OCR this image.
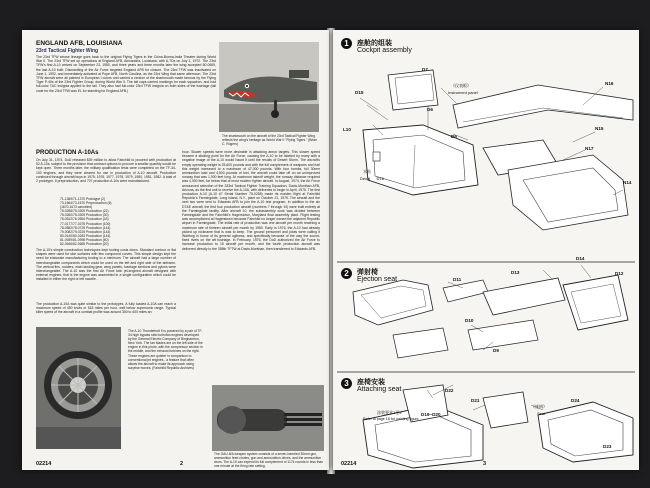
ENGLAND AFB, LOUISIANA
23rd Tactical Fighter Wing
The 23rd TFW whose lineage goes back to the original Flying Tigers in the China-Burma-India Theater during World War II. The 23rd TFW set up operations at England AFB, Alexandria, Louisiana, with A-7Ds on July 1, 1972. The 23rd TFW's first A-10 arrived on September 23, 1980, and three years and three months later the wing accepted 80-0669, the last A-10 built. Dismantling of the Air Force targeted England AFB for closure. The 23rd TFW was inactivated on June 1, 1992, and immediately activated at Pope AFB, North Carolina, as the 23rd Wing that same afternoon. The 23rd TFW aircraft were all painted in European I colors and carried a version of the sharkmouth made famous by the Flying Tiger P-40s of the 23rd Fighter Group, during World War II. The tail caps carried markings for each squadron, and had full-color TAC insignia applied to the tail. They also had full-color 23rd TFW insignia on both sides of the fuselage (tail code for the 23rd TFW was EL for standing for England AFB.)
The sharkmouth on the aircraft of the 23rd Tactical Fighter Wing reflects the wing's heritage as World War II "Flying Tigers." (Brian C. Rogers)
PRODUCTION A-10As
On July 31, 1974, DoD released $39 million to allow Fairchild to proceed with production at 52 A-10s, subject to the provision that contract options to procure a smaller quantity would be kept open. Three months later, the military qualification tests were completed on the TF-34-100 engines, and they were cleared for use in production of A-10 aircraft. Production continued through aircraft buys in 1975, 1976, 1977, 1978, 1979, 1980, 1981, 1982. A total of 2 prototype, 6 preproduction, and 707 production A-10s were manufactured.
71-1369/71-1370 Prototype (2)
73-1664/73-1670 Preproduction (6)
(1670-1673 canceled)
75-0258/75-0309 Production (22)
75-0260/75-0309 Production (30)
76-0512/76-0554 Production (43)
77-0177/77-0276 Production (100)
78-0582/78-0725 Production (144)
79-0082/79-0225 Production (144)
80-0140/80-0283 Production (144)
81-0939/81-0998 Production (60)
82-0646/82-0665 Production (20)
The A-10's simple construction techniques kept tooling costs down. Standard contour or flat shapes were used for skin surfaces with few compound curves. This simple design kept the need for elaborate manufacturing tooling to a minimum. The aircraft had a large number of interchangeable components which could be used on the left and right side of the airframe. The vertical fins, rudders, main landing gear, wing panels, fuselage sections and pylons were interchangeable. The A-10 was the first Air Force twin jet-engined aircraft designed with external engines; that is the engine was assembled in a single configuration which could be installed in either the right or left nacelle.
The production A-10A was quite similar to the prototypes. A fully loaded A-10A can reach a maximum speed of 450 knots or 518 miles per hour, well below supersonic range. Typical killer speed of the aircraft in a combat profile was around 350 to 400 miles an
hour. Slower speeds were more desirable in attacking armor targets. This slower speed became a sticking point for the Air Force, causing the A-10 to be labeled by many with a negative image of the A-10 would haunt it until the results of Desert Storm. The aircraft's empty operating weight is 25,600 pounds and with the full complement of weapons and fuel this weight increased to a maximum of 47,000 pounds. With four bombs, full 30mm ammunition load and 4,500 pounds of fuel, the aircraft could take off on an unimproved runway that was 1,900 feet long. At maximum takeoff weight, the runway distance required was 4,000 feet, far below that of most modern fighter aircraft. In August, 1974, the Air Force announced selection of the 333rd Tactical Fighter Training Squadron, Davis-Monthan AFB, Arizona, as the first unit to receive the A-10A, with deliveries to begin in April, 1975. The first production A-10 (A-10 #7 Serial Number 75-0258) made its maiden flight at Fairchild Republic's Farmingdale, Long Island, N.Y., plant on October 21, 1975. The aircraft and the next two were sent to Edwards AFB to join the A-10 test program. In addition to the six DT&E aircraft, the first four production aircraft (numbers 7 through 10) were built entirely at the Farmingdale facility. After aircraft 10, the subassembly work was divided between Farmingdale and the Fairchild's Hagerstown, Maryland final assembly plant. Flight testing was accomplished at Hagerstown because Fairchild no longer owned the adjacent Republic airport in Farmingdale. The initial rate of production was one aircraft per month reaching a maximum rate of thirteen aircraft per month by 1980. Early in 1976, the A-10 had already picked up nickname that is was to keep. The ground personnel and pilots were calling it Warthog in honor of its general ugliness, and specifically because of the way the sound-fixed rivets on the aft fuselage. In February, 1976, the DoD authorized the Air Force to increase production to 15 aircraft per month, and the fourth production aircraft was delivered directly to the 355th TFTW at Davis-Monthan, then transferred to Edwards AFB.
The A-10 Thunderbolt II is powered by a pair of TF-34 high bypass ratio turbofan engines developed by the General Electric Company of Binghamton, New York. The fan blades are on the left side of the engine in this photo, with the compressor section in the middle, and the exhaust turbines on the right. These engines are quieter in comparison to conventional jet engines - a feature that often allows the aircraft to make its approach using surprise moves. (Fairchild Republic Archives)
The GAU-8/A weapon system consists of a seven-barreled 30mm gun, ammunition feed chutes, gun and ammunition drives, and the ammunition drum. The A-10 can expend its full complement of 1174 rounds in less than one minute at the firing rate setting.
02214	2
1	座舱的组装
Cockpit assembly
D15
D7
D6
D5
L10
水贴
Decal ⑤16
《仪表板》
Instrument panel
N16
N15
N17
N14
2	弹射椅
Ejection seat
D13
D11
D12
D14
D10
D9
3	座椅安装
Attaching seat	D22
D21
D19~D20
D24
D23
《座椅》
Seat
涂装要求1至9
Refer to page 18 for painting figure.
02214	3
